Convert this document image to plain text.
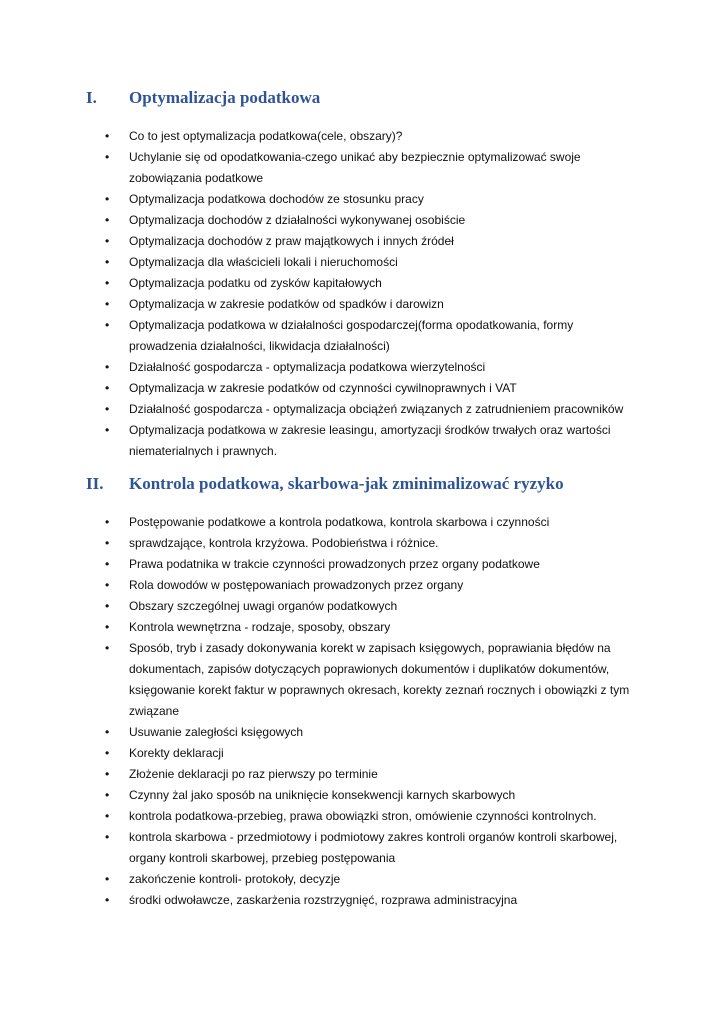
I. Optymalizacja podatkowa
• Co to jest optymalizacja podatkowa(cele, obszary)?
• Uchylanie się od opodatkowania-czego unikać aby bezpiecznie optymalizować swoje zobowiązania podatkowe
• Optymalizacja podatkowa dochodów ze stosunku pracy
• Optymalizacja dochodów z działalności wykonywanej osobiście
• Optymalizacja dochodów z praw majątkowych i innych źródeł
• Optymalizacja dla właścicieli lokali i nieruchomości
• Optymalizacja podatku od zysków kapitałowych
• Optymalizacja w zakresie podatków od spadków i darowizn
• Optymalizacja podatkowa w działalności gospodarczej(forma opodatkowania, formy prowadzenia działalności, likwidacja działalności)
• Działalność gospodarcza - optymalizacja podatkowa wierzytelności
• Optymalizacja w zakresie podatków od czynności cywilnoprawnych i VAT
• Działalność gospodarcza - optymalizacja obciążeń związanych z zatrudnieniem pracowników
• Optymalizacja podatkowa w zakresie leasingu, amortyzacji środków trwałych oraz wartości niematerialnych i prawnych.
II. Kontrola podatkowa, skarbowa-jak zminimalizować ryzyko
• Postępowanie podatkowe a kontrola podatkowa, kontrola skarbowa i czynności
• sprawdzające, kontrola krzyżowa. Podobieństwa i różnice.
• Prawa podatnika w trakcie czynności prowadzonych przez organy podatkowe
• Rola dowodów w postępowaniach prowadzonych przez organy
• Obszary szczególnej uwagi organów podatkowych
• Kontrola wewnętrzna - rodzaje, sposoby, obszary
• Sposób, tryb i zasady dokonywania korekt w zapisach księgowych, poprawiania błędów na dokumentach, zapisów dotyczących poprawionych dokumentów i duplikatów dokumentów, księgowanie korekt faktur w poprawnych okresach, korekty zeznań rocznych i obowiązki z tym związane
• Usuwanie zaległości księgowych
• Korekty deklaracji
• Złożenie deklaracji po raz pierwszy po terminie
• Czynny żal jako sposób na uniknięcie konsekwencji karnych skarbowych
• kontrola podatkowa-przebieg, prawa obowiązki stron, omówienie czynności kontrolnych.
• kontrola skarbowa - przedmiotowy i podmiotowy zakres kontroli organów kontroli skarbowej, organy kontroli skarbowej, przebieg postępowania
• zakończenie kontroli- protokoły, decyzje
• środki odwoławcze, zaskarżenia rozstrzygnięć, rozprawa administracyjna
